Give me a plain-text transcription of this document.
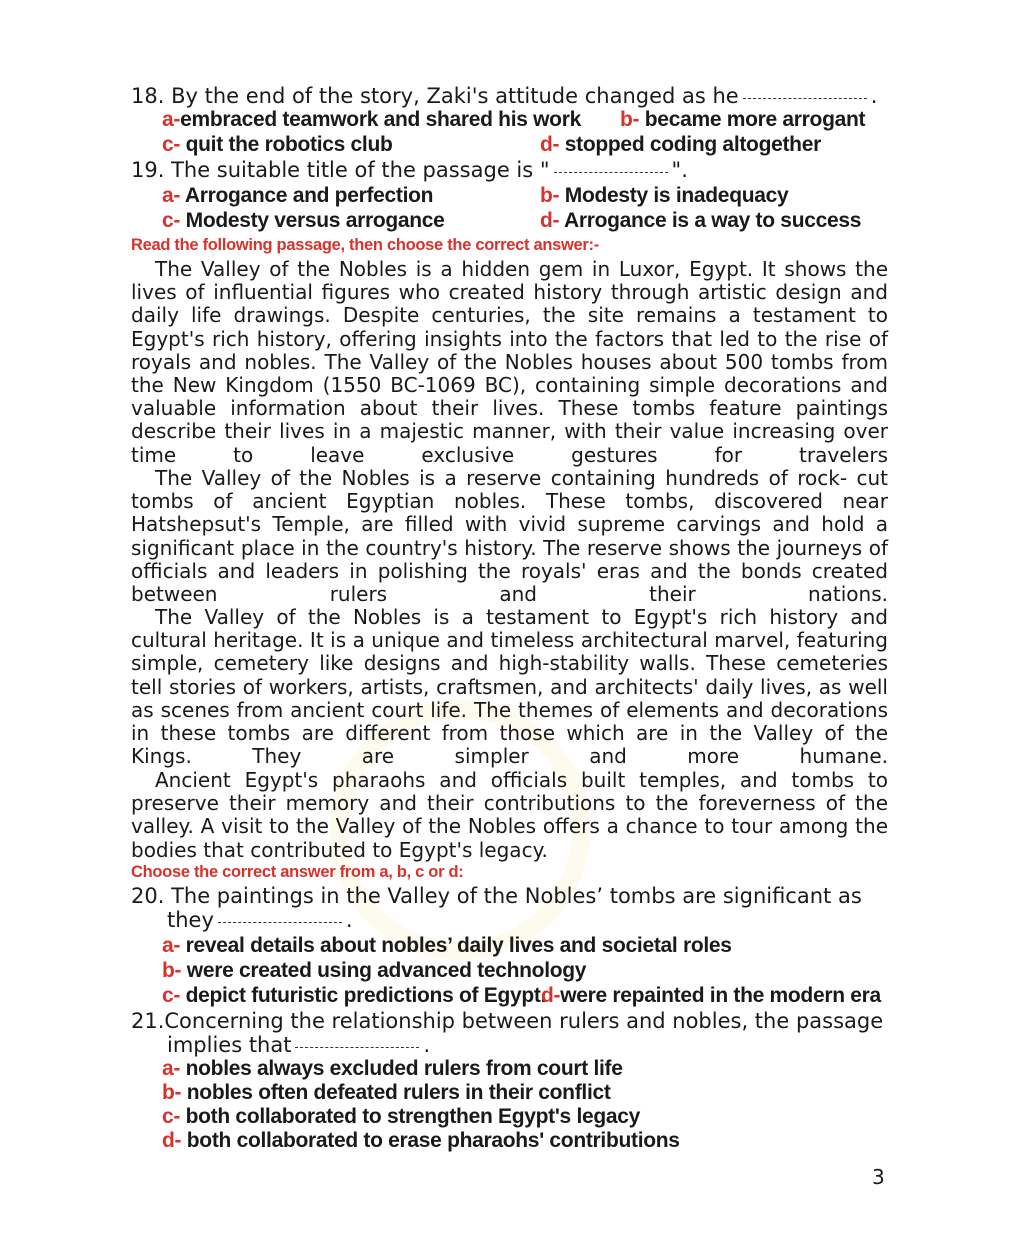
18. By the end of the story, Zaki's attitude changed as he	.
a-embraced teamwork and shared his work b- became more arrogant
c- quit the robotics club	d- stopped coding altogether
19. The suitable title of the passage is "	".
a- Arrogance and perfection	b- Modesty is inadequacy
c- Modesty versus arrogance	d- Arrogance is a way to success
Read the following passage, then choose the correct answer:-
The Valley of the Nobles is a hidden gem in Luxor, Egypt. It shows the lives of influential figures who created history through artistic design and daily life drawings. Despite centuries, the site remains a testament to Egypt's rich history, offering insights into the factors that led to the rise of royals and nobles. The Valley of the Nobles houses about 500 tombs from the New Kingdom (1550 BC-1069 BC), containing simple decorations and valuable information about their lives. These tombs feature paintings describe their lives in a majestic manner, with their value increasing over time to leave exclusive gestures for travelers
The Valley of the Nobles is a reserve containing hundreds of rock- cut tombs of ancient Egyptian nobles. These tombs, discovered near Hatshepsut's Temple, are filled with vivid supreme carvings and hold a significant place in the country's history. The reserve shows the journeys of officials and leaders in polishing the royals' eras and the bonds created between rulers and their nations.
The Valley of the Nobles is a testament to Egypt's rich history and cultural heritage. It is a unique and timeless architectural marvel, featuring simple, cemetery like designs and high-stability walls. These cemeteries tell stories of workers, artists, craftsmen, and architects' daily lives, as well as scenes from ancient court life. The themes of elements and decorations in these tombs are different from those which are in the Valley of the Kings. They are simpler and more humane.
Ancient Egypt's pharaohs and officials built temples, and tombs to preserve their memory and their contributions to the foreverness of the valley. A visit to the Valley of the Nobles offers a chance to tour among the bodies that contributed to Egypt's legacy.
Choose the correct answer from a, b, c or d:
20. The paintings in the Valley of the Nobles’ tombs are significant as
they	.
a- reveal details about nobles’ daily lives and societal roles
b- were created using advanced technology
c- depict futuristic predictions of Egypt.
d-were repainted in the modern era
21.Concerning the relationship between rulers and nobles, the passage
implies that	.
a- nobles always excluded rulers from court life
b- nobles often defeated rulers in their conflict
c- both collaborated to strengthen Egypt's legacy
d- both collaborated to erase pharaohs' contributions
3
